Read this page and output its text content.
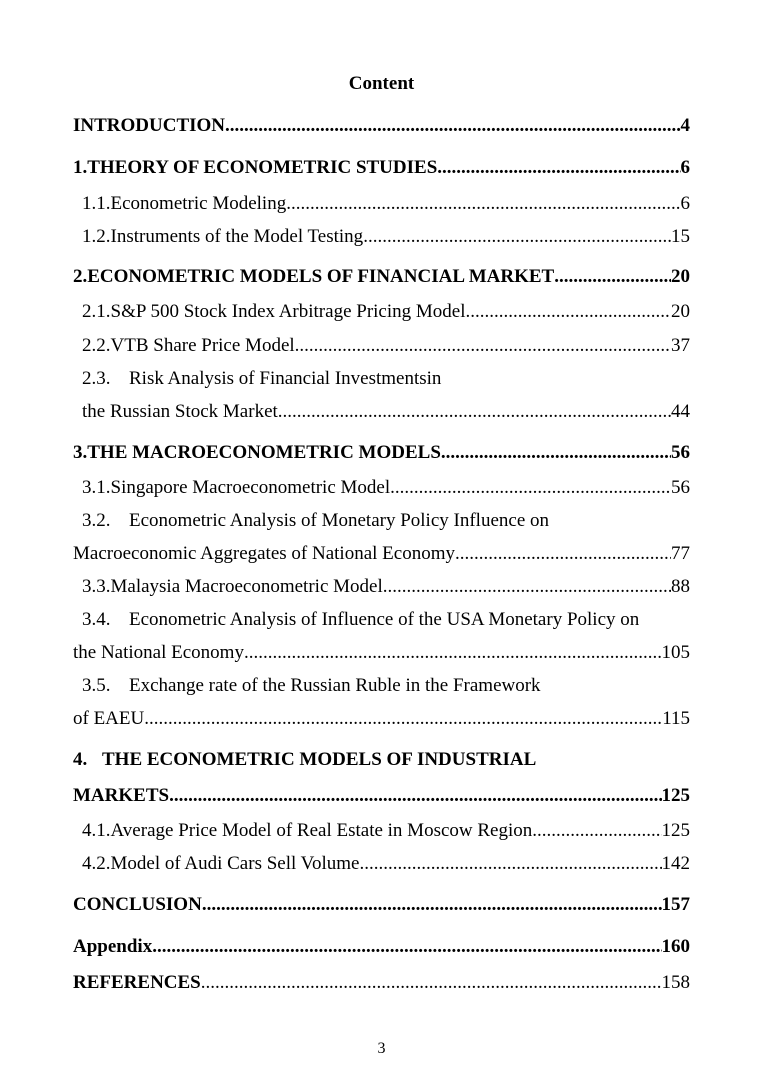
Content
INTRODUCTION .....	4
1. THEORY OF ECONOMETRIC STUDIES .....	6
1.1. Econometric Modeling .....	6
1.2. Instruments of the Model Testing .....	15
2. ECONOMETRIC MODELS OF FINANCIAL MARKET .....	20
2.1. S&P 500 Stock Index Arbitrage Pricing Model .....	20
2.2. VTB Share Price Model .....	37
2.3. Risk Analysis of Financial Investmentsin
the Russian Stock Market .....	44
3. THE MACROECONOMETRIC MODELS .....	56
3.1. Singapore Macroeconometric Model .....	56
3.2. Econometric Analysis of Monetary Policy Influence on
Macroeconomic Aggregates of National Economy .....	77
3.3. Malaysia Macroeconometric Model .....	88
3.4. Econometric Analysis of Influence of the USA Monetary Policy on
the National Economy .....	105
3.5. Exchange rate of the Russian Ruble in the Framework
of EAEU .....	115
4. THE ECONOMETRIC MODELS OF INDUSTRIAL
MARKETS .....	125
4.1. Average Price Model of Real Estate in Moscow Region .....	125
4.2. Model of Audi Cars Sell Volume .....	142
CONCLUSION .....	157
Appendix .....	160
REFERENCES .....	158
3
